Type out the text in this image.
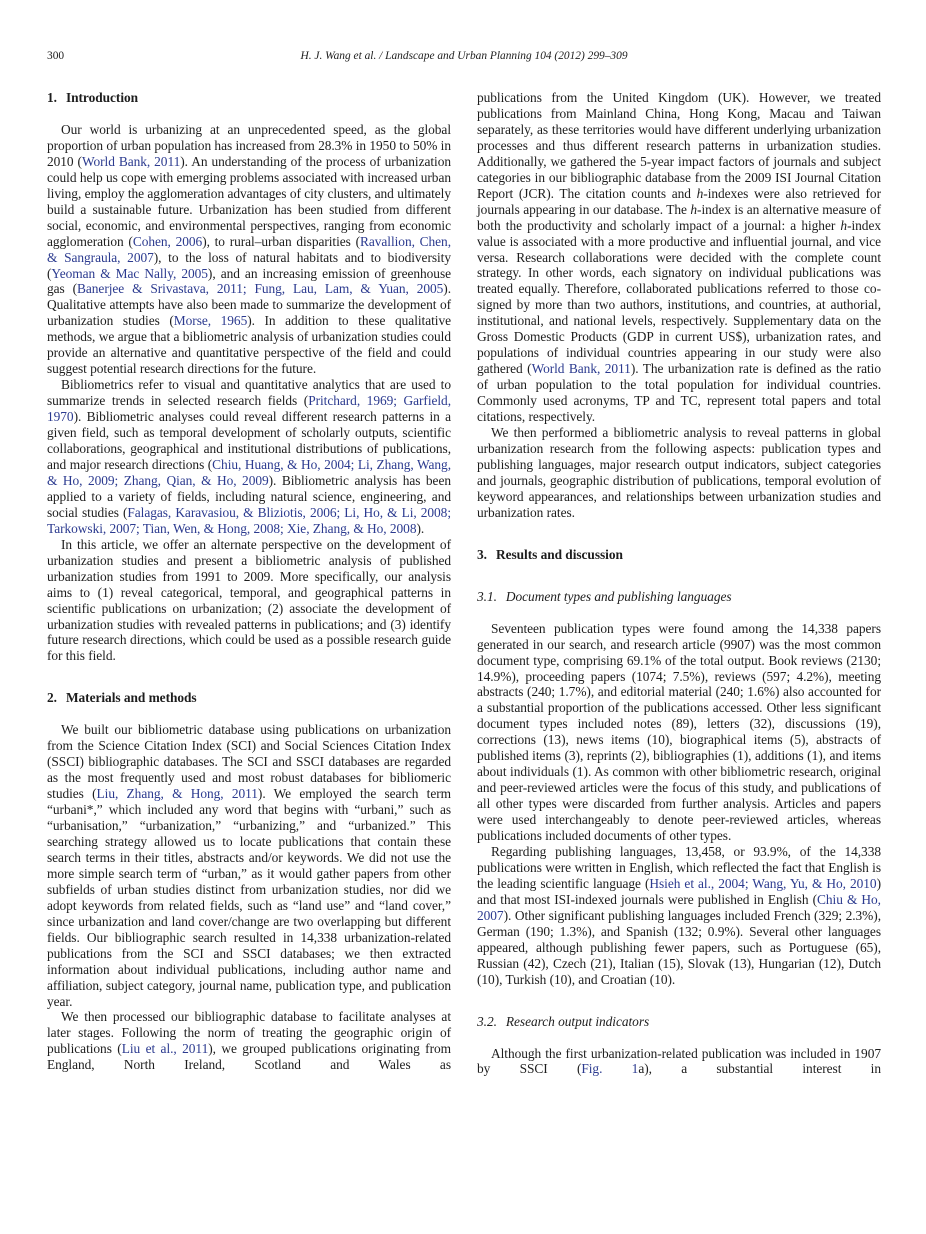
300	H. J. Wang et al. / Landscape and Urban Planning 104 (2012) 299–309
1. Introduction

Our world is urbanizing at an unprecedented speed, as the global proportion of urban population has increased from 28.3% in 1950 to 50% in 2010 (World Bank, 2011). An understanding of the process of urbanization could help us cope with emerging problems associated with increased urban living, employ the agglomeration advantages of city clusters, and ultimately build a sustainable future. Urbanization has been studied from different social, economic, and environmental perspectives, ranging from economic agglomeration (Cohen, 2006), to rural–urban disparities (Ravallion, Chen, & Sangraula, 2007), to the loss of natural habitats and to biodiversity (Yeoman & Mac Nally, 2005), and an increasing emission of greenhouse gas (Banerjee & Srivastava, 2011; Fung, Lau, Lam, & Yuan, 2005). Qualitative attempts have also been made to summarize the development of urbanization studies (Morse, 1965). In addition to these qualitative methods, we argue that a bibliometric analysis of urbanization studies could provide an alternative and quantitative perspective of the field and could suggest potential research directions for the future.

Bibliometrics refer to visual and quantitative analytics that are used to summarize trends in selected research fields (Pritchard, 1969; Garfield, 1970). Bibliometric analyses could reveal different research patterns in a given field, such as temporal development of scholarly outputs, scientific collaborations, geographical and institutional distributions of publications, and major research directions (Chiu, Huang, & Ho, 2004; Li, Zhang, Wang, & Ho, 2009; Zhang, Qian, & Ho, 2009). Bibliometric analysis has been applied to a variety of fields, including natural science, engineering, and social studies (Falagas, Karavasiou, & Bliziotis, 2006; Li, Ho, & Li, 2008; Tarkowski, 2007; Tian, Wen, & Hong, 2008; Xie, Zhang, & Ho, 2008).

In this article, we offer an alternate perspective on the development of urbanization studies and present a bibliometric analysis of published urbanization studies from 1991 to 2009. More specifically, our analysis aims to (1) reveal categorical, temporal, and geographical patterns in scientific publications on urbanization; (2) associate the development of urbanization studies with revealed patterns in publications; and (3) identify future research directions, which could be used as a possible research guide for this field.

2. Materials and methods

We built our bibliometric database using publications on urbanization from the Science Citation Index (SCI) and Social Sciences Citation Index (SSCI) bibliographic databases. The SCI and SSCI databases are regarded as the most frequently used and most robust databases for bibliomeric studies (Liu, Zhang, & Hong, 2011). We employed the search term “urbani*,” which included any word that begins with “urbani,” such as “urbanisation,” “urbanization,” “urbanizing,” and “urbanized.” This searching strategy allowed us to locate publications that contain these search terms in their titles, abstracts and/or keywords. We did not use the more simple search term of “urban,” as it would gather papers from other subfields of urban studies distinct from urbanization studies, nor did we adopt keywords from related fields, such as “land use” and “land cover,” since urbanization and land cover/change are two overlapping but different fields. Our bibliographic search resulted in 14,338 urbanization-related publications from the SCI and SSCI databases; we then extracted information about individual publications, including author name and affiliation, subject category, journal name, publication type, and publication year.

We then processed our bibliographic database to facilitate analyses at later stages. Following the norm of treating the geographic origin of publications (Liu et al., 2011), we grouped publications originating from England, North Ireland, Scotland and Wales as

publications from the United Kingdom (UK). However, we treated publications from Mainland China, Hong Kong, Macau and Taiwan separately, as these territories would have different underlying urbanization processes and thus different research patterns in urbanization studies. Additionally, we gathered the 5-year impact factors of journals and subject categories in our bibliographic database from the 2009 ISI Journal Citation Report (JCR). The citation counts and h-indexes were also retrieved for journals appearing in our database. The h-index is an alternative measure of both the productivity and scholarly impact of a journal: a higher h-index value is associated with a more productive and influential journal, and vice versa. Research collaborations were decided with the complete count strategy. In other words, each signatory on individual publications was treated equally. Therefore, collaborated publications referred to those co-signed by more than two authors, institutions, and countries, at authorial, institutional, and national levels, respectively. Supplementary data on the Gross Domestic Products (GDP in current US$), urbanization rates, and populations of individual countries appearing in our study were also gathered (World Bank, 2011). The urbanization rate is defined as the ratio of urban population to the total population for individual countries. Commonly used acronyms, TP and TC, represent total papers and total citations, respectively.

We then performed a bibliometric analysis to reveal patterns in global urbanization research from the following aspects: publication types and publishing languages, major research output indicators, subject categories and journals, geographic distribution of publications, temporal evolution of keyword appearances, and relationships between urbanization studies and urbanization rates.

3. Results and discussion
3.1. Document types and publishing languages

Seventeen publication types were found among the 14,338 papers generated in our search, and research article (9907) was the most common document type, comprising 69.1% of the total output. Book reviews (2130; 14.9%), proceeding papers (1074; 7.5%), reviews (597; 4.2%), meeting abstracts (240; 1.7%), and editorial material (240; 1.6%) also accounted for a substantial proportion of the publications accessed. Other less significant document types included notes (89), letters (32), discussions (19), corrections (13), news items (10), biographical items (5), abstracts of published items (3), reprints (2), bibliographies (1), additions (1), and items about individuals (1). As common with other bibliometric research, original and peer-reviewed articles were the focus of this study, and publications of all other types were discarded from further analysis. Articles and papers were used interchangeably to denote peer-reviewed articles, whereas publications included documents of other types.

Regarding publishing languages, 13,458, or 93.9%, of the 14,338 publications were written in English, which reflected the fact that English is the leading scientific language (Hsieh et al., 2004; Wang, Yu, & Ho, 2010) and that most ISI-indexed journals were published in English (Chiu & Ho, 2007). Other significant publishing languages included French (329; 2.3%), German (190; 1.3%), and Spanish (132; 0.9%). Several other languages appeared, although publishing fewer papers, such as Portuguese (65), Russian (42), Czech (21), Italian (15), Slovak (13), Hungarian (12), Dutch (10), Turkish (10), and Croatian (10).

3.2. Research output indicators

Although the first urbanization-related publication was included in 1907 by SSCI (Fig. 1a), a substantial interest in
